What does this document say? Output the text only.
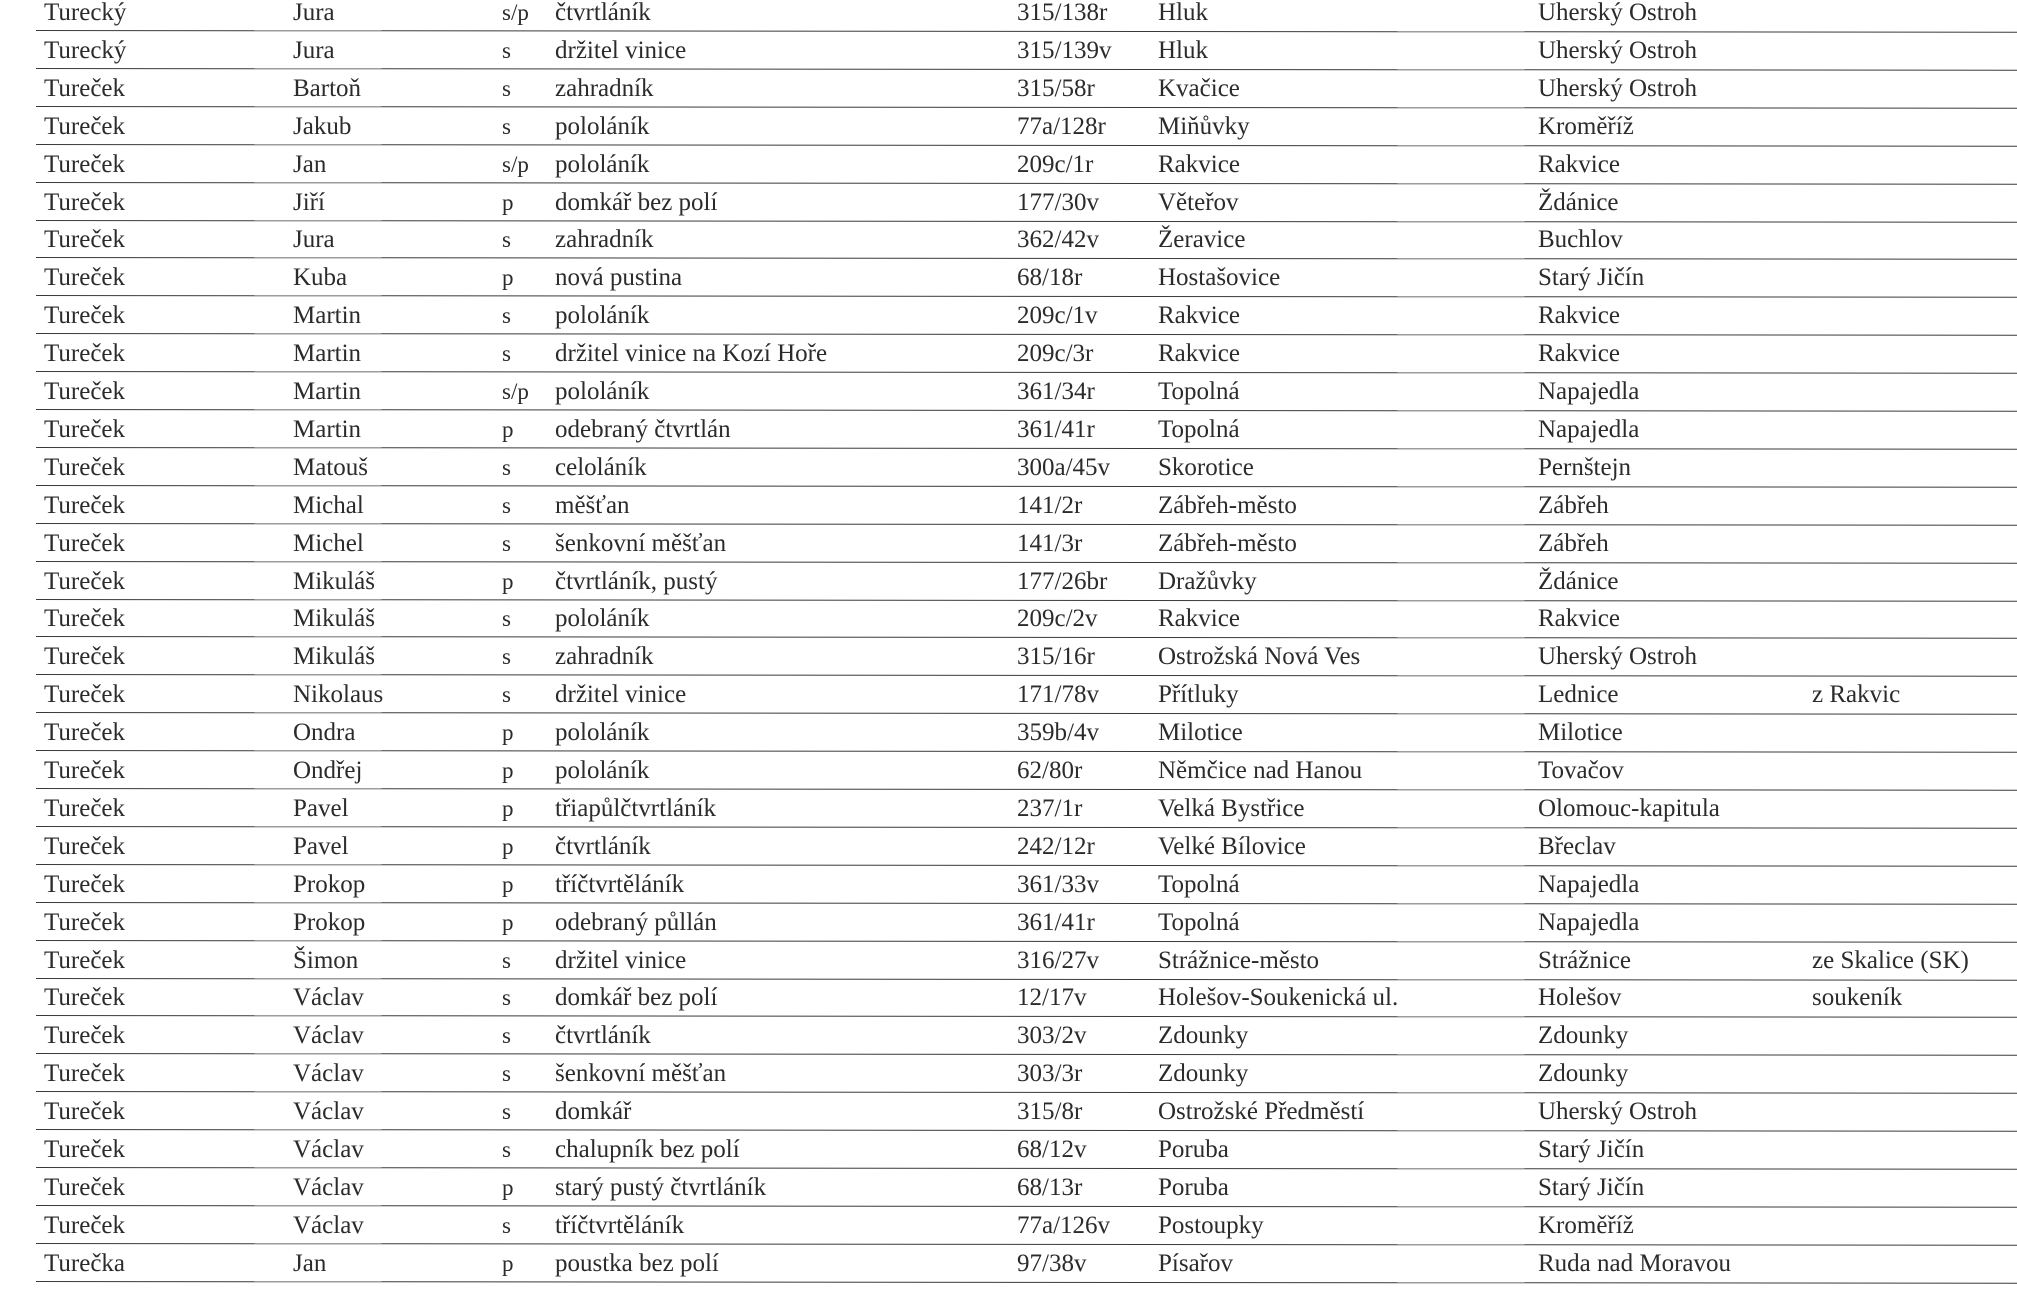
Turecký	Jura	s/p čtvrtláník	315/138r Hluk	Uherský Ostroh
Turecký	Jura	s držitel vinice	315/139v Hluk	Uherský Ostroh
Tureček	Bartoň	s zahradník	315/58r	Kvačice	Uherský Ostroh
Tureček	Jakub	s pololáník	77a/128r Miňůvky	Kroměříž
Tureček	Jan	s/p pololáník	209c/1r	Rakvice	Rakvice
Tureček	Jiří	p domkář bez polí	177/30v Věteřov	Ždánice
Tureček	Jura	s zahradník	362/42v Žeravice	Buchlov
Tureček	Kuba	p nová pustina	68/18r	Hostašovice	Starý Jičín
Tureček	Martin	s pololáník	209c/1v Rakvice	Rakvice
Tureček	Martin	s držitel vinice na Kozí Hoře	209c/3r	Rakvice	Rakvice
Tureček	Martin	s/p pololáník	361/34r	Topolná	Napajedla
Tureček	Martin	p odebraný čtvrtlán	361/41r	Topolná	Napajedla
Tureček	Matouš	s celoláník	300a/45v Skorotice	Pernštejn
Tureček	Michal	s měšťan	141/2r	Zábřeh-město	Zábřeh
Tureček	Michel	s šenkovní měšťan	141/3r	Zábřeh-město	Zábřeh
Tureček	Mikuláš	p čtvrtláník, pustý	177/26br Dražůvky	Ždánice
Tureček	Mikuláš	s pololáník	209c/2v Rakvice	Rakvice
Tureček	Mikuláš	s zahradník	315/16r	Ostrožská Nová Ves	Uherský Ostroh
Tureček	Nikolaus	s držitel vinice	171/78v Přítluky	Lednice	z Rakvic
Tureček	Ondra	p pololáník	359b/4v Milotice	Milotice
Tureček	Ondřej	p pololáník	62/80r	Němčice nad Hanou	Tovačov
Tureček	Pavel	p třiapůlčtvrtláník	237/1r	Velká Bystřice	Olomouc-kapitula
Tureček	Pavel	p čtvrtláník	242/12r	Velké Bílovice	Břeclav
Tureček	Prokop	p tříčtvrtěláník	361/33v Topolná	Napajedla
Tureček	Prokop	p odebraný půllán	361/41r	Topolná	Napajedla
Tureček	Šimon	s držitel vinice	316/27v Strážnice-město	Strážnice	ze Skalice (SK)
Tureček	Václav	s domkář bez polí	12/17v	Holešov-Soukenická ul.	Holešov	soukeník
Tureček	Václav	s čtvrtláník	303/2v	Zdounky	Zdounky
Tureček	Václav	s šenkovní měšťan	303/3r	Zdounky	Zdounky
Tureček	Václav	s domkář	315/8r	Ostrožské Předměstí	Uherský Ostroh
Tureček	Václav	s chalupník bez polí	68/12v	Poruba	Starý Jičín
Tureček	Václav	p starý pustý čtvrtláník	68/13r	Poruba	Starý Jičín
Tureček	Václav	s tříčtvrtěláník	77a/126v Postoupky	Kroměříž
Turečka	Jan	p poustka bez polí	97/38v	Písařov	Ruda nad Moravou
